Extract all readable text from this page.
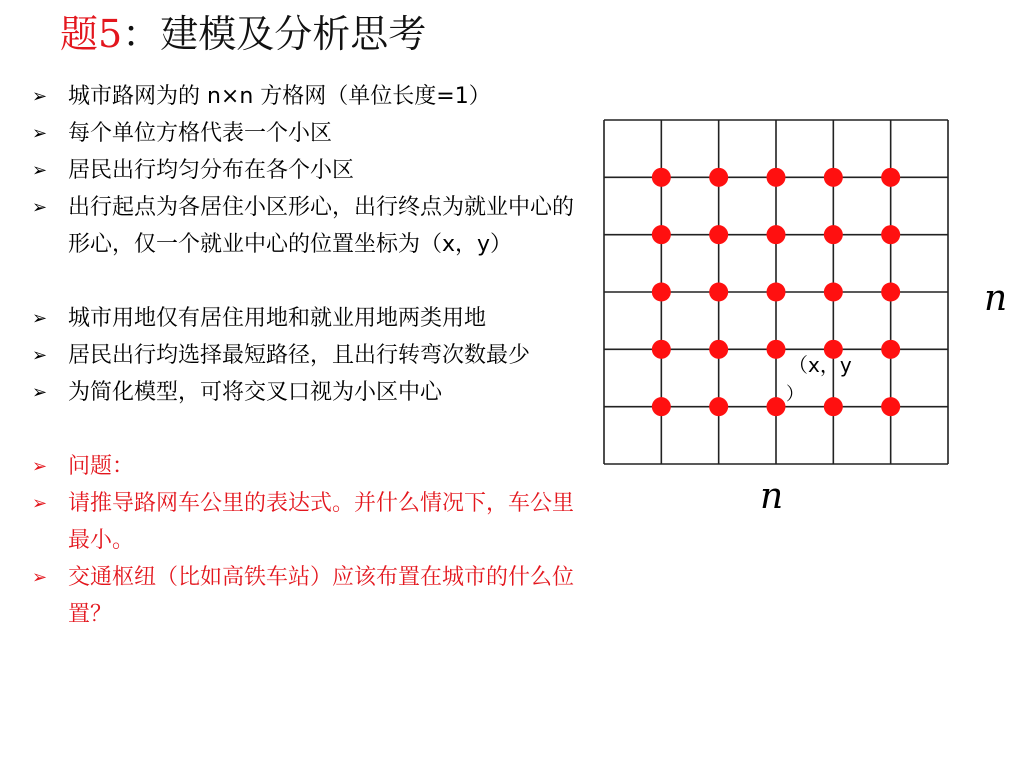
题5：建模及分析思考
➢ 城市路网为的 n×n 方格网（单位长度=1）
➢ 每个单位方格代表一个小区
➢ 居民出行均匀分布在各个小区
➢ 出行起点为各居住小区形心，出行终点为就业中心的形心，仅一个就业中心的位置坐标为（x，y）
➢ 城市用地仅有居住用地和就业用地两类用地
➢ 居民出行均选择最短路径，且出行转弯次数最少
➢ 为简化模型，可将交叉口视为小区中心
➢ 问题：
➢ 请推导路网车公里的表达式。并什么情况下，车公里最小。
➢ 交通枢纽（比如高铁车站）应该布置在城市的什么位置？
（x，y
）
n
n
